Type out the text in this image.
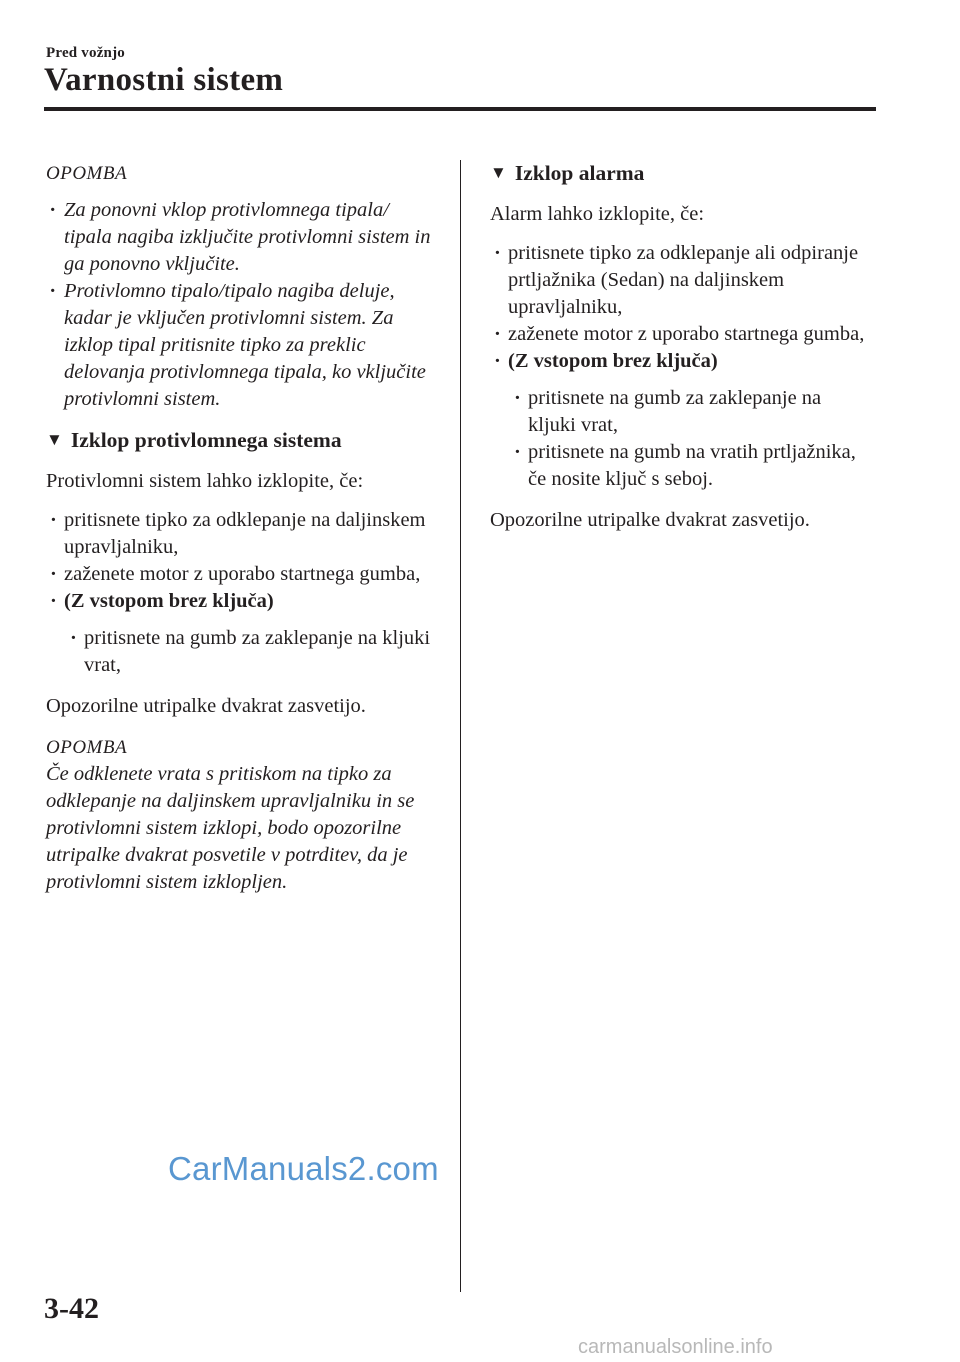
Pred vožnjo
Varnostni sistem

OPOMBA

· Za ponovni vklop protivlomnega tipala/ tipala nagiba izključite protivlomni sistem in ga ponovno vključite.
· Protivlomno tipalo/tipalo nagiba deluje, kadar je vključen protivlomni sistem. Za izklop tipal pritisnite tipko za preklic delovanja protivlomnega tipala, ko vključite protivlomni sistem.
▼ Izklop protivlomnega sistema

Protivlomni sistem lahko izklopite, če:

· pritisnete tipko za odklepanje na daljinskem upravljalniku,
· zaženete motor z uporabo startnega gumba,
· (Z vstopom brez ključa)
· pritisnete na gumb za zaklepanje na kljuki vrat,

Opozorilne utripalke dvakrat zasvetijo.

OPOMBA

Če odklenete vrata s pritiskom na tipko za odklepanje na daljinskem upravljalniku in se protivlomni sistem izklopi, bodo opozorilne utripalke dvakrat posvetile v potrditev, da je protivlomni sistem izklopljen.

▼ Izklop alarma

Alarm lahko izklopite, če:

· pritisnete tipko za odklepanje ali odpiranje prtljažnika (Sedan) na daljinskem upravljalniku,
· zaženete motor z uporabo startnega gumba,
· (Z vstopom brez ključa)
· pritisnete na gumb za zaklepanje na kljuki vrat,
· pritisnete na gumb na vratih prtljažnika, če nosite ključ s seboj.

Opozorilne utripalke dvakrat zasvetijo.

CarManuals2.com
3-42
carmanualsonline.info
